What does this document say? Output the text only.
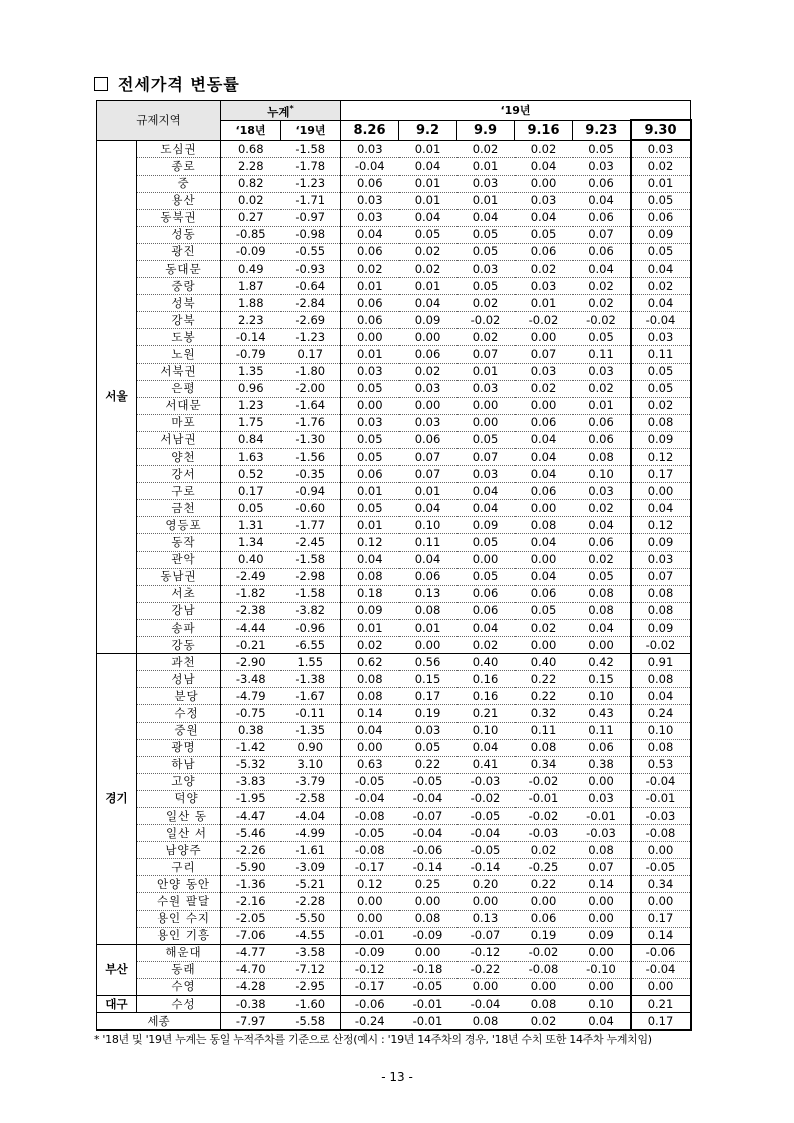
전세가격 변동률
규제지역		누계*		‘19년					
		‘18년	‘19년	8.26	9.2	9.9	9.16	9.23	9.30
서울	도심권	0.68	-1.58	0.03	0.01	0.02	0.02	0.05	0.03
	종로	2.28	-1.78	-0.04	0.04	0.01	0.04	0.03	0.02
	중	0.82	-1.23	0.06	0.01	0.03	0.00	0.06	0.01
	용산	0.02	-1.71	0.03	0.01	0.01	0.03	0.04	0.05
	동북권	0.27	-0.97	0.03	0.04	0.04	0.04	0.06	0.06
	성동	-0.85	-0.98	0.04	0.05	0.05	0.05	0.07	0.09
	광진	-0.09	-0.55	0.06	0.02	0.05	0.06	0.06	0.05
	동대문	0.49	-0.93	0.02	0.02	0.03	0.02	0.04	0.04
	중랑	1.87	-0.64	0.01	0.01	0.05	0.03	0.02	0.02
	성북	1.88	-2.84	0.06	0.04	0.02	0.01	0.02	0.04
	강북	2.23	-2.69	0.06	0.09	-0.02	-0.02	-0.02	-0.04
	도봉	-0.14	-1.23	0.00	0.00	0.02	0.00	0.05	0.03
	노원	-0.79	0.17	0.01	0.06	0.07	0.07	0.11	0.11
	서북권	1.35	-1.80	0.03	0.02	0.01	0.03	0.03	0.05
	은평	0.96	-2.00	0.05	0.03	0.03	0.02	0.02	0.05
	서대문	1.23	-1.64	0.00	0.00	0.00	0.00	0.01	0.02
	마포	1.75	-1.76	0.03	0.03	0.00	0.06	0.06	0.08
	서남권	0.84	-1.30	0.05	0.06	0.05	0.04	0.06	0.09
	양천	1.63	-1.56	0.05	0.07	0.07	0.04	0.08	0.12
	강서	0.52	-0.35	0.06	0.07	0.03	0.04	0.10	0.17
	구로	0.17	-0.94	0.01	0.01	0.04	0.06	0.03	0.00
	금천	0.05	-0.60	0.05	0.04	0.04	0.00	0.02	0.04
	영등포	1.31	-1.77	0.01	0.10	0.09	0.08	0.04	0.12
	동작	1.34	-2.45	0.12	0.11	0.05	0.04	0.06	0.09
	관악	0.40	-1.58	0.04	0.04	0.00	0.00	0.02	0.03
	동남권	-2.49	-2.98	0.08	0.06	0.05	0.04	0.05	0.07
	서초	-1.82	-1.58	0.18	0.13	0.06	0.06	0.08	0.08
	강남	-2.38	-3.82	0.09	0.08	0.06	0.05	0.08	0.08
	송파	-4.44	-0.96	0.01	0.01	0.04	0.02	0.04	0.09
	강동	-0.21	-6.55	0.02	0.00	0.02	0.00	0.00	-0.02
경기	과천	-2.90	1.55	0.62	0.56	0.40	0.40	0.42	0.91
	성남	-3.48	-1.38	0.08	0.15	0.16	0.22	0.15	0.08
	분당	-4.79	-1.67	0.08	0.17	0.16	0.22	0.10	0.04
	수정	-0.75	-0.11	0.14	0.19	0.21	0.32	0.43	0.24
	중원	0.38	-1.35	0.04	0.03	0.10	0.11	0.11	0.10
	광명	-1.42	0.90	0.00	0.05	0.04	0.08	0.06	0.08
	하남	-5.32	3.10	0.63	0.22	0.41	0.34	0.38	0.53
	고양	-3.83	-3.79	-0.05	-0.05	-0.03	-0.02	0.00	-0.04
	덕양	-1.95	-2.58	-0.04	-0.04	-0.02	-0.01	0.03	-0.01
	일산 동	-4.47	-4.04	-0.08	-0.07	-0.05	-0.02	-0.01	-0.03
	일산 서	-5.46	-4.99	-0.05	-0.04	-0.04	-0.03	-0.03	-0.08
	남양주	-2.26	-1.61	-0.08	-0.06	-0.05	0.02	0.08	0.00
	구리	-5.90	-3.09	-0.17	-0.14	-0.14	-0.25	0.07	-0.05
	안양 동안	-1.36	-5.21	0.12	0.25	0.20	0.22	0.14	0.34
	수원 팔달	-2.16	-2.28	0.00	0.00	0.00	0.00	0.00	0.00
	용인 수지	-2.05	-5.50	0.00	0.08	0.13	0.06	0.00	0.17
	용인 기흥	-7.06	-4.55	-0.01	-0.09	-0.07	0.19	0.09	0.14
부산	해운대	-4.77	-3.58	-0.09	0.00	-0.12	-0.02	0.00	-0.06
	동래	-4.70	-7.12	-0.12	-0.18	-0.22	-0.08	-0.10	-0.04
	수영	-4.28	-2.95	-0.17	-0.05	0.00	0.00	0.00	0.00
대구	수성	-0.38	-1.60	-0.06	-0.01	-0.04	0.08	0.10	0.21
세종		-7.97	-5.58	-0.24	-0.01	0.08	0.02	0.04	0.17
* '18년 및 '19년 누계는 동일 누적주차를 기준으로 산정(예시 : '19년 14주차의 경우, '18년 수치 또한 14주차 누계치임)
- 13 -
